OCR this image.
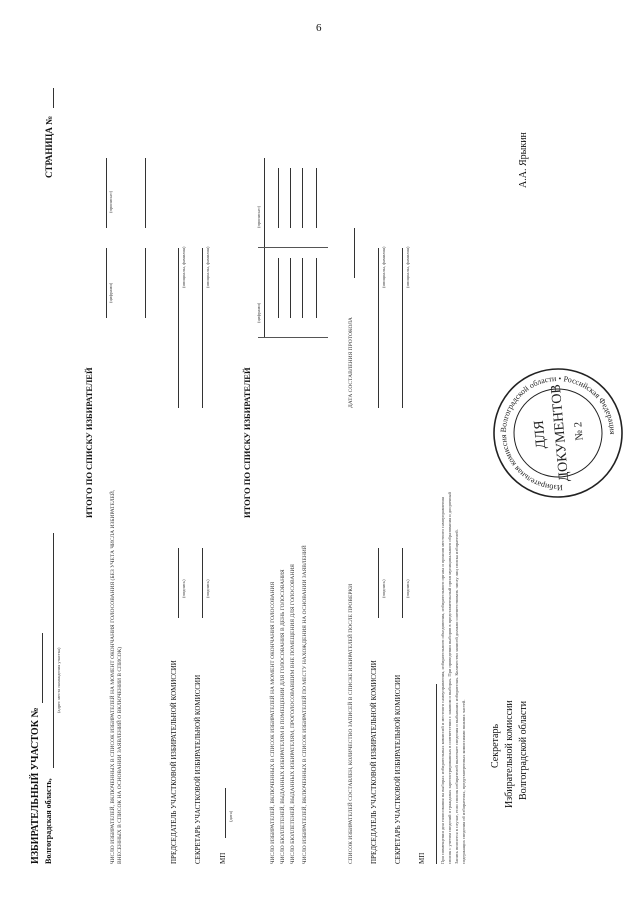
6
ИЗБИРАТЕЛЬНЫЙ УЧАСТОК № Волгоградская область,
(адрес места нахождения участка)
СТРАНИЦА №
ИТОГО ПО СПИСКУ ИЗБИРАТЕЛЕЙ
ЧИСЛО ИЗБИРАТЕЛЕЙ, ВКЛЮЧЕННЫХ В СПИСОК ИЗБИРАТЕЛЕЙ НА МОМЕНТ ОКОНЧАНИЯ ГОЛОСОВАНИЯ (БЕЗ УЧЕТА ЧИСЛА ИЗБИРАТЕЛЕЙ, ВНЕСЕННЫХ В СПИСОК НА ОСНОВАНИИ ЗАЯВЛЕНИЙ О ВКЛЮЧЕНИИ В СПИСОК)
(цифрами)
(прописью)
ПРЕДСЕДАТЕЛЬ УЧАСТКОВОЙ ИЗБИРАТЕЛЬНОЙ КОМИССИИ
(подпись)
(инициалы, фамилия)
СЕКРЕТАРЬ УЧАСТКОВОЙ ИЗБИРАТЕЛЬНОЙ КОМИССИИ
(подпись)
(инициалы, фамилия)
МП
(дата)
ИТОГО ПО СПИСКУ ИЗБИРАТЕЛЕЙ
ЧИСЛО ИЗБИРАТЕЛЕЙ, ВКЛЮЧЕННЫХ В СПИСОК ИЗБИРАТЕЛЕЙ НА МОМЕНТ ОКОНЧАНИЯ ГОЛОСОВАНИЯ ЧИСЛО БЮЛЛЕТЕНЕЙ, ВЫДАННЫХ ИЗБИРАТЕЛЯМ В ПОМЕЩЕНИИ ДЛЯ ГОЛОСОВАНИЯ В ДЕНЬ ГОЛОСОВАНИЯ ЧИСЛО БЮЛЛЕТЕНЕЙ, ВЫДАННЫХ ИЗБИРАТЕЛЯМ, ПРОГОЛОСОВАВШИМ ВНЕ ПОМЕЩЕНИЯ ДЛЯ ГОЛОСОВАНИЯ ЧИСЛО ИЗБИРАТЕЛЕЙ, ВКЛЮЧЕННЫХ В СПИСОК ИЗБИРАТЕЛЕЙ ПО МЕСТУ НАХОЖДЕНИЯ НА ОСНОВАНИИ ЗАЯВЛЕНИЙ
(цифрами)
(прописью)
СПИСОК ИЗБИРАТЕЛЕЙ СОСТАВЛЕН, КОЛИЧЕСТВО ЗАПИСЕЙ В СПИСКЕ ИЗБИРАТЕЛЕЙ ПОСЛЕ ПРОВЕРКИ
ДАТА СОСТАВЛЕНИЯ ПРОТОКОЛА
ПРЕДСЕДАТЕЛЬ УЧАСТКОВОЙ ИЗБИРАТЕЛЬНОЙ КОМИССИИ
(подпись)
(инициалы, фамилия)
СЕКРЕТАРЬ УЧАСТКОВОЙ ИЗБИРАТЕЛЬНОЙ КОМИССИИ
(подпись)
(инициалы, фамилия)
МП	При совмещении дня голосования на выборах избирательных комиссий и местного самоуправления, избирательного объединения, избирательного органа и органов местного самоуправления список с учетом сведений о гражданах зарегистрированных в соответствии с законом о выборах. При проведении выборов в представительный орган муниципального образования и досрочный Запись вносится в случае, если список избирателей включает сведения о выбывших избирателях. Количество записей должно соответствовать числу лиц списка избирателей. содержащих сведения об избирателях, предусмотренных комиссиями нижних частей. Секретарь Избирательной комиссии Волгоградской области
А.А. Ярыкин
Избирательная комиссия Волгоградской области • Российская Федерация
ДЛЯ ДОКУМЕНТОВ № 2
